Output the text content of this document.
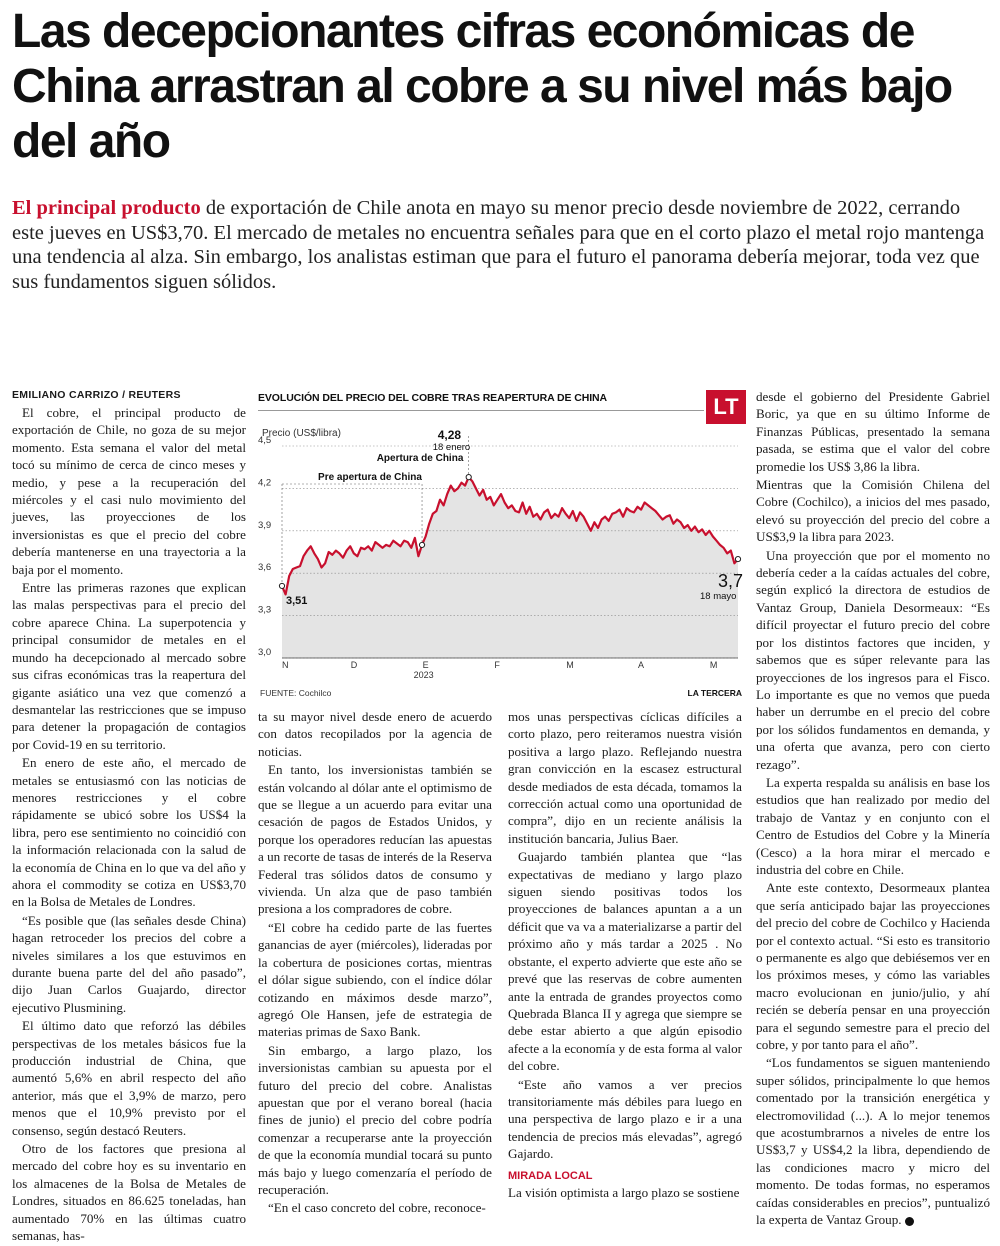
Las decepcionantes cifras económicas de China arrastran al cobre a su nivel más bajo del año
El principal producto de exportación de Chile anota en mayo su menor precio desde noviembre de 2022, cerrando este jueves en US$3,70. El mercado de metales no encuentra señales para que en el corto plazo el metal rojo mantenga una tendencia al alza. Sin embargo, los analistas estiman que para el futuro el panorama debería mejorar, toda vez que sus fundamentos siguen sólidos.
EMILIANO CARRIZO / REUTERS

El cobre, el principal producto de exportación de Chile, no goza de su mejor momento. Esta semana el valor del metal tocó su mínimo de cerca de cinco meses y medio, y pese a la recuperación del miércoles y el casi nulo movimiento del jueves, las proyecciones de los inversionistas es que el precio del cobre debería mantenerse en una trayectoria a la baja por el momento.

Entre las primeras razones que explican las malas perspectivas para el precio del cobre aparece China. La superpotencia y principal consumidor de metales en el mundo ha decepcionado al mercado sobre sus cifras económicas tras la reapertura del gigante asiático una vez que comenzó a desmantelar las restricciones que se impuso para detener la propagación de contagios por Covid-19 en su territorio.

En enero de este año, el mercado de metales se entusiasmó con las noticias de menores restricciones y el cobre rápidamente se ubicó sobre los US$4 la libra, pero ese sentimiento no coincidió con la información relacionada con la salud de la economía de China en lo que va del año y ahora el commodity se cotiza en US$3,70 en la Bolsa de Metales de Londres.

“Es posible que (las señales desde China) hagan retroceder los precios del cobre a niveles similares a los que estuvimos en durante buena parte del del año pasado”, dijo Juan Carlos Guajardo, director ejecutivo Plusmining.

El último dato que reforzó las débiles perspectivas de los metales básicos fue la producción industrial de China, que aumentó 5,6% en abril respecto del año anterior, más que el 3,9% de marzo, pero menos que el 10,9% previsto por el consenso, según destacó Reuters.

Otro de los factores que presiona al mercado del cobre hoy es su inventario en los almacenes de la Bolsa de Metales de Londres, situados en 86.625 toneladas, han aumentado 70% en las últimas cuatro semanas, has-

EVOLUCIÓN DEL PRECIO DEL COBRE TRAS REAPERTURA DE CHINA	LT
4,5
4,2
3,9
3,6
3,3
3,0
Precio (US$/libra)
N	D	E	F	M	A	M
2023
3,51
Pre apertura de China
4,28
18 enero
Apertura de China
3,7
18 mayo
FUENTE: Cochilco	LA TERCERA

ta su mayor nivel desde enero de acuerdo con datos recopilados por la agencia de noticias.

En tanto, los inversionistas también se están volcando al dólar ante el optimismo de que se llegue a un acuerdo para evitar una cesación de pagos de Estados Unidos, y porque los operadores reducían las apuestas a un recorte de tasas de interés de la Reserva Federal tras sólidos datos de consumo y vivienda. Un alza que de paso también presiona a los compradores de cobre.

“El cobre ha cedido parte de las fuertes ganancias de ayer (miércoles), lideradas por la cobertura de posiciones cortas, mientras el dólar sigue subiendo, con el índice dólar cotizando en máximos desde marzo”, agregó Ole Hansen, jefe de estrategia de materias primas de Saxo Bank.

Sin embargo, a largo plazo, los inversionistas cambian su apuesta por el futuro del precio del cobre. Analistas apuestan que por el verano boreal (hacia fines de junio) el precio del cobre podría comenzar a recuperarse ante la proyección de que la economía mundial tocará su punto más bajo y luego comenzaría el período de recuperación.

“En el caso concreto del cobre, reconoce-

mos unas perspectivas cíclicas difíciles a corto plazo, pero reiteramos nuestra visión positiva a largo plazo. Reflejando nuestra gran convicción en la escasez estructural desde mediados de esta década, tomamos la corrección actual como una oportunidad de compra”, dijo en un reciente análisis la institución bancaria, Julius Baer.

Guajardo también plantea que “las expectativas de mediano y largo plazo siguen siendo positivas todos los proyecciones de balances apuntan a a un déficit que va va a materializarse a partir del próximo año y más tardar a 2025 . No obstante, el experto advierte que este año se prevé que las reservas de cobre aumenten ante la entrada de grandes proyectos como Quebrada Blanca II y agrega que siempre se debe estar abierto a que algún episodio afecte a la economía y de esta forma al valor del cobre.

“Este año vamos a ver precios transitoriamente más débiles para luego en una perspectiva de largo plazo e ir a una tendencia de precios más elevadas”, agregó Gajardo.

MIRADA LOCAL

La visión optimista a largo plazo se sostiene

desde el gobierno del Presidente Gabriel Boric, ya que en su último Informe de Finanzas Públicas, presentado la semana pasada, se estima que el valor del cobre promedie los US$ 3,86 la libra.

Mientras que la Comisión Chilena del Cobre (Cochilco), a inicios del mes pasado, elevó su proyección del precio del cobre a US$3,9 la libra para 2023.

Una proyección que por el momento no debería ceder a la caídas actuales del cobre, según explicó la directora de estudios de Vantaz Group, Daniela Desormeaux: “Es difícil proyectar el futuro precio del cobre por los distintos factores que inciden, y sabemos que es súper relevante para las proyecciones de los ingresos para el Fisco. Lo importante es que no vemos que pueda haber un derrumbe en el precio del cobre por los sólidos fundamentos en demanda, y una oferta que avanza, pero con cierto rezago”.

La experta respalda su análisis en base los estudios que han realizado por medio del trabajo de Vantaz y en conjunto con el Centro de Estudios del Cobre y la Minería (Cesco) a la hora mirar el mercado e industria del cobre en Chile.

Ante este contexto, Desormeaux plantea que sería anticipado bajar las proyecciones del precio del cobre de Cochilco y Hacienda por el contexto actual. “Si esto es transitorio o permanente es algo que debiésemos ver en los próximos meses, y cómo las variables macro evolucionan en junio/julio, y ahí recién se debería pensar en una proyección para el segundo semestre para el precio del cobre, y por tanto para el año”.

“Los fundamentos se siguen manteniendo super sólidos, principalmente lo que hemos comentado por la transición energética y electromovilidad (...). A lo mejor tenemos que acostumbrarnos a niveles de entre los US$3,7 y US$4,2 la libra, dependiendo de las condiciones macro y micro del momento. De todas formas, no esperamos caídas considerables en precios”, puntualizó la experta de Vantaz Group. P
